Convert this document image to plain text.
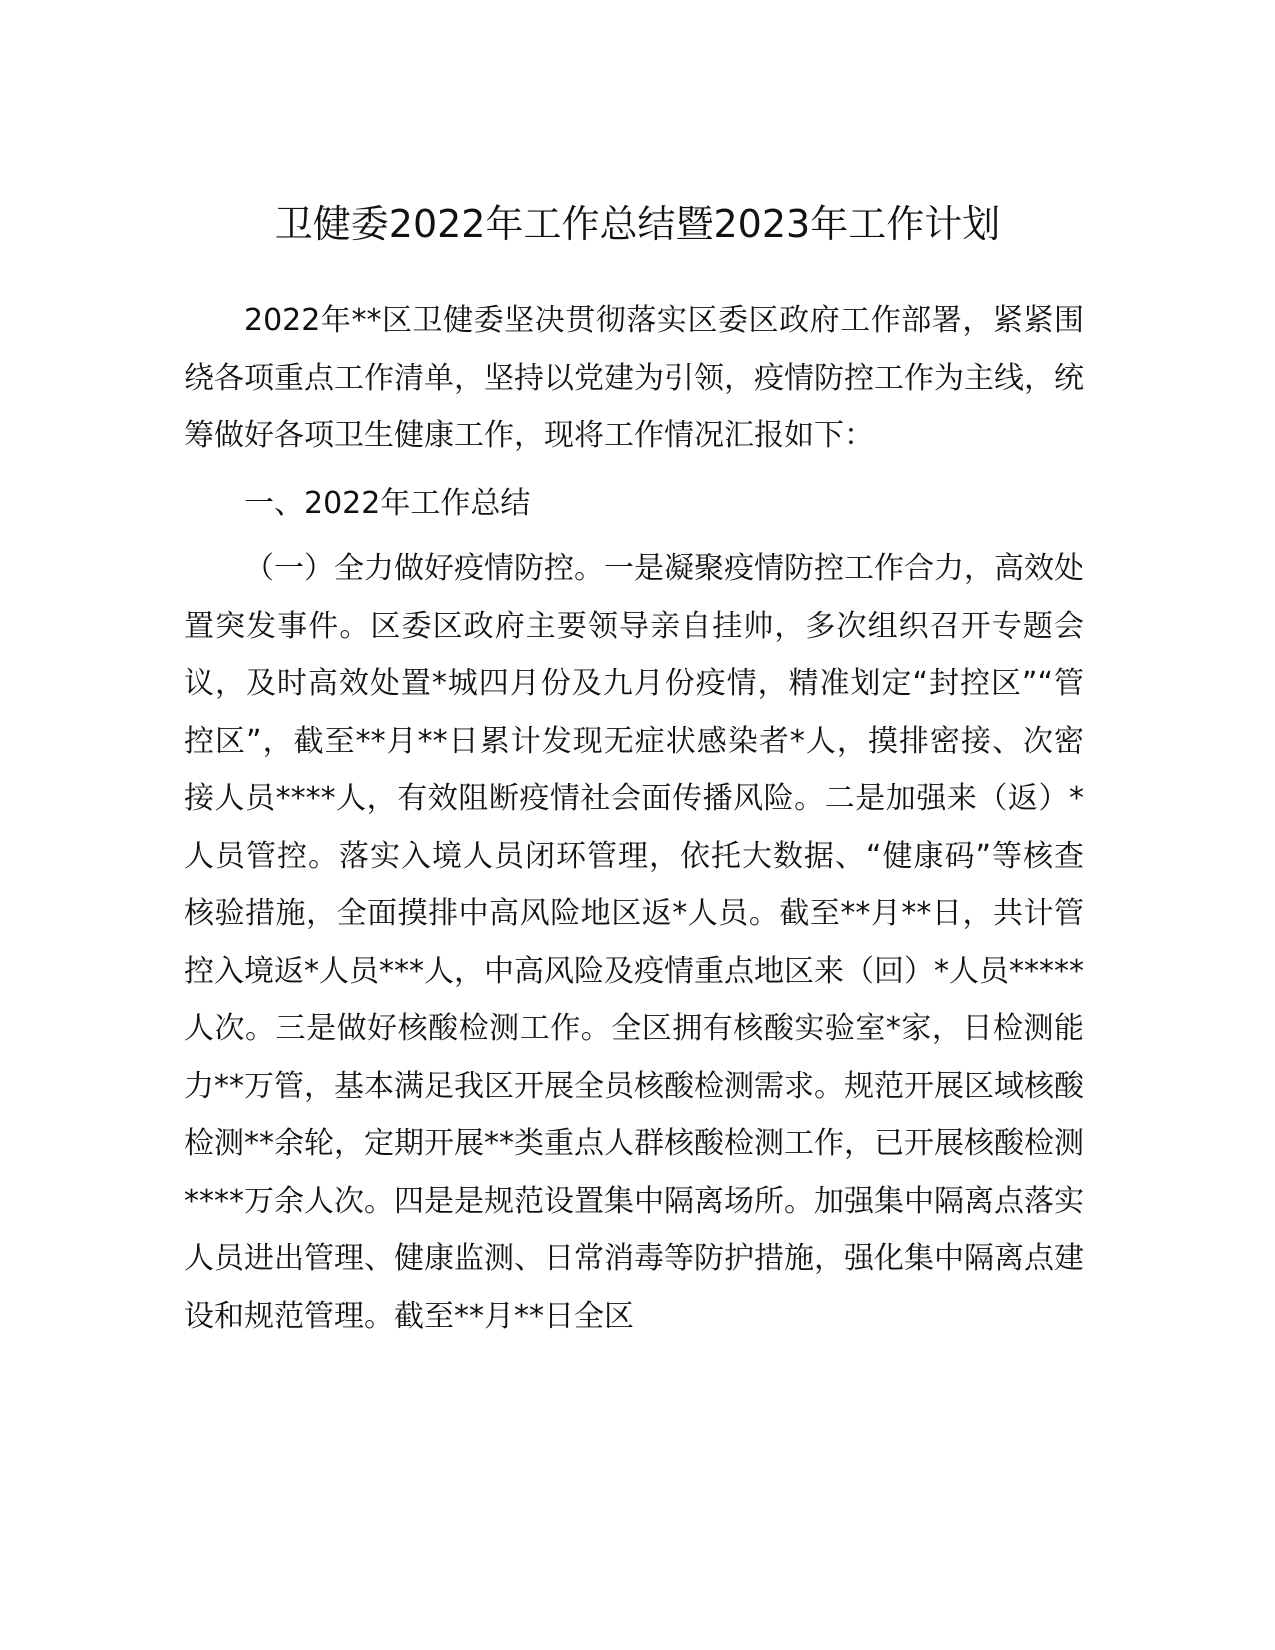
卫健委2022年工作总结暨2023年工作计划

2022年**区卫健委坚决贯彻落实区委区政府工作部署，紧紧围绕各项重点工作清单，坚持以党建为引领，疫情防控工作为主线，统筹做好各项卫生健康工作，现将工作情况汇报如下：

一、2022年工作总结

（一）全力做好疫情防控。一是凝聚疫情防控工作合力，高效处置突发事件。区委区政府主要领导亲自挂帅，多次组织召开专题会议，及时高效处置*城四月份及九月份疫情，精准划定“封控区”“管控区”，截至**月**日累计发现无症状感染者*人，摸排密接、次密接人员****人，有效阻断疫情社会面传播风险。二是加强来（返）*人员管控。落实入境人员闭环管理，依托大数据、“健康码”等核查核验措施，全面摸排中高风险地区返*人员。截至**月**日，共计管控入境返*人员***人，中高风险及疫情重点地区来（回）*人员*****人次。三是做好核酸检测工作。全区拥有核酸实验室*家，日检测能力**万管，基本满足我区开展全员核酸检测需求。规范开展区域核酸检测**余轮，定期开展**类重点人群核酸检测工作，已开展核酸检测****万余人次。四是是规范设置集中隔离场所。加强集中隔离点落实人员进出管理、健康监测、日常消毒等防护措施，强化集中隔离点建设和规范管理。截至**月**日全区
